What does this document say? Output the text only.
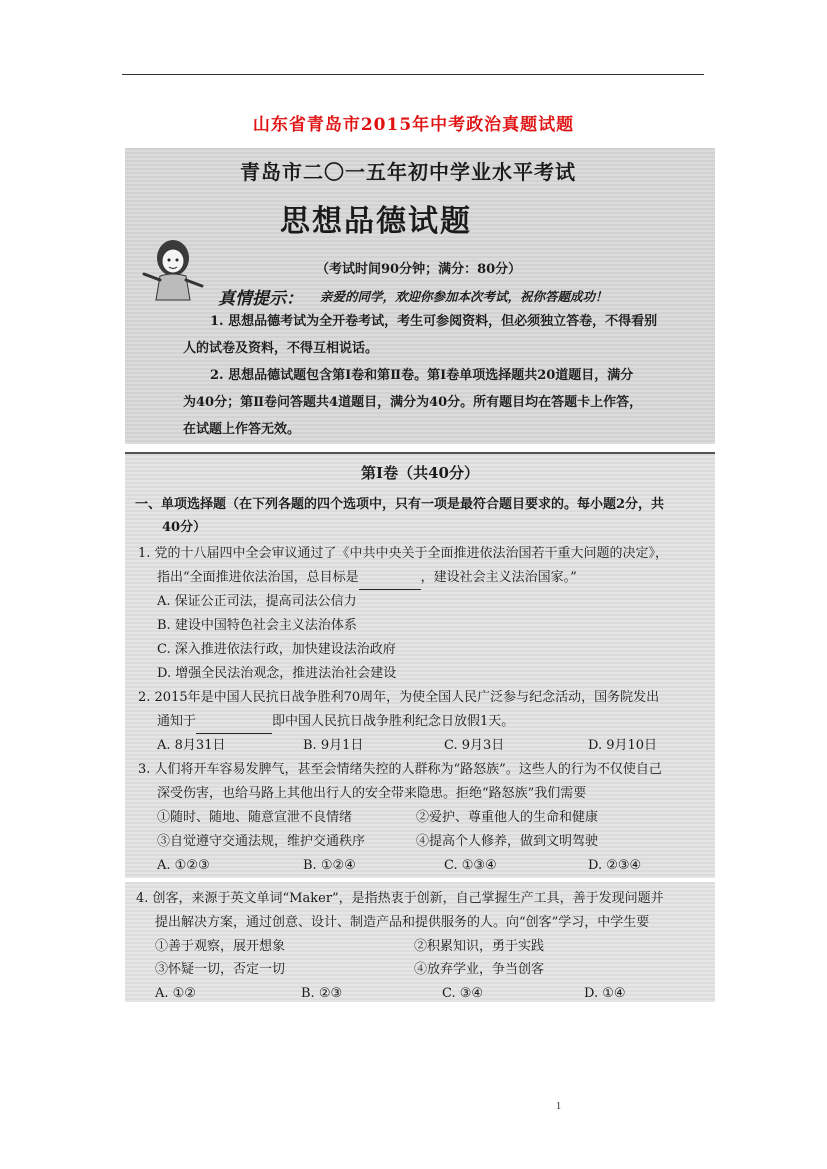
山东省青岛市2015年中考政治真题试题
青岛市二〇一五年初中学业水平考试
思想品德试题
（考试时间90分钟；满分：80分）
真情提示： 亲爱的同学，欢迎你参加本次考试，祝你答题成功！
1. 思想品德考试为全开卷考试，考生可参阅资料，但必须独立答卷，不得看别
人的试卷及资料，不得互相说话。
2. 思想品德试题包含第Ⅰ卷和第Ⅱ卷。第Ⅰ卷单项选择题共20道题目，满分
为40分；第Ⅱ卷问答题共4道题目，满分为40分。所有题目均在答题卡上作答，
在试题上作答无效。
第Ⅰ卷（共40分）
一、单项选择题（在下列各题的四个选项中，只有一项是最符合题目要求的。每小题2分，共
40分）
1. 党的十八届四中全会审议通过了《中共中央关于全面推进依法治国若干重大问题的决定》，
指出“全面推进依法治国，总目标是	，建设社会主义法治国家。”
A. 保证公正司法，提高司法公信力
B. 建设中国特色社会主义法治体系
C. 深入推进依法行政，加快建设法治政府
D. 增强全民法治观念，推进法治社会建设
2. 2015年是中国人民抗日战争胜利70周年，为使全国人民广泛参与纪念活动，国务院发出
通知于	即中国人民抗日战争胜利纪念日放假1天。
A. 8月31日	B. 9月1日	C. 9月3日	D. 9月10日
3. 人们将开车容易发脾气，甚至会情绪失控的人群称为“路怒族”。这些人的行为不仅使自己
深受伤害，也给马路上其他出行人的安全带来隐患。拒绝“路怒族”我们需要
①随时、随地、随意宣泄不良情绪	②爱护、尊重他人的生命和健康
③自觉遵守交通法规，维护交通秩序	④提高个人修养，做到文明驾驶
A. ①②③	B. ①②④	C. ①③④	D. ②③④
4. 创客，来源于英文单词“Maker”，是指热衷于创新，自己掌握生产工具，善于发现问题并
提出解决方案，通过创意、设计、制造产品和提供服务的人。向“创客”学习，中学生要
①善于观察，展开想象	②积累知识，勇于实践
③怀疑一切，否定一切	④放弃学业，争当创客
A. ①②	B. ②③	C. ③④	D. ①④
1
